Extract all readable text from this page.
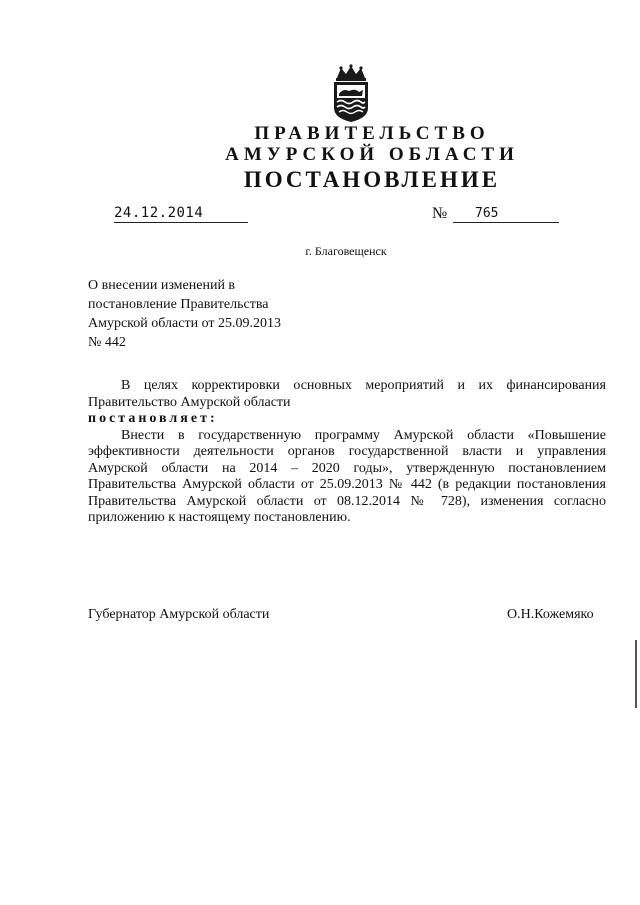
ПРАВИТЕЛЬСТВО
АМУРСКОЙ ОБЛАСТИ
ПОСТАНОВЛЕНИЕ
24.12.2014	№	765
г. Благовещенск
О внесении изменений в
постановление Правительства
Амурской области от 25.09.2013
№ 442

В целях корректировки основных мероприятий и их финансирования Правительство Амурской области

постановляет:

Внести в государственную программу Амурской области «Повышение эффективности деятельности органов государственной власти и управления Амурской области на 2014 – 2020 годы», утвержденную постановлением Правительства Амурской области от 25.09.2013 № 442 (в редакции постановления Правительства Амурской области от 08.12.2014 № 728), изменения согласно приложению к настоящему постановлению.

Губернатор Амурской области	О.Н.Кожемяко
